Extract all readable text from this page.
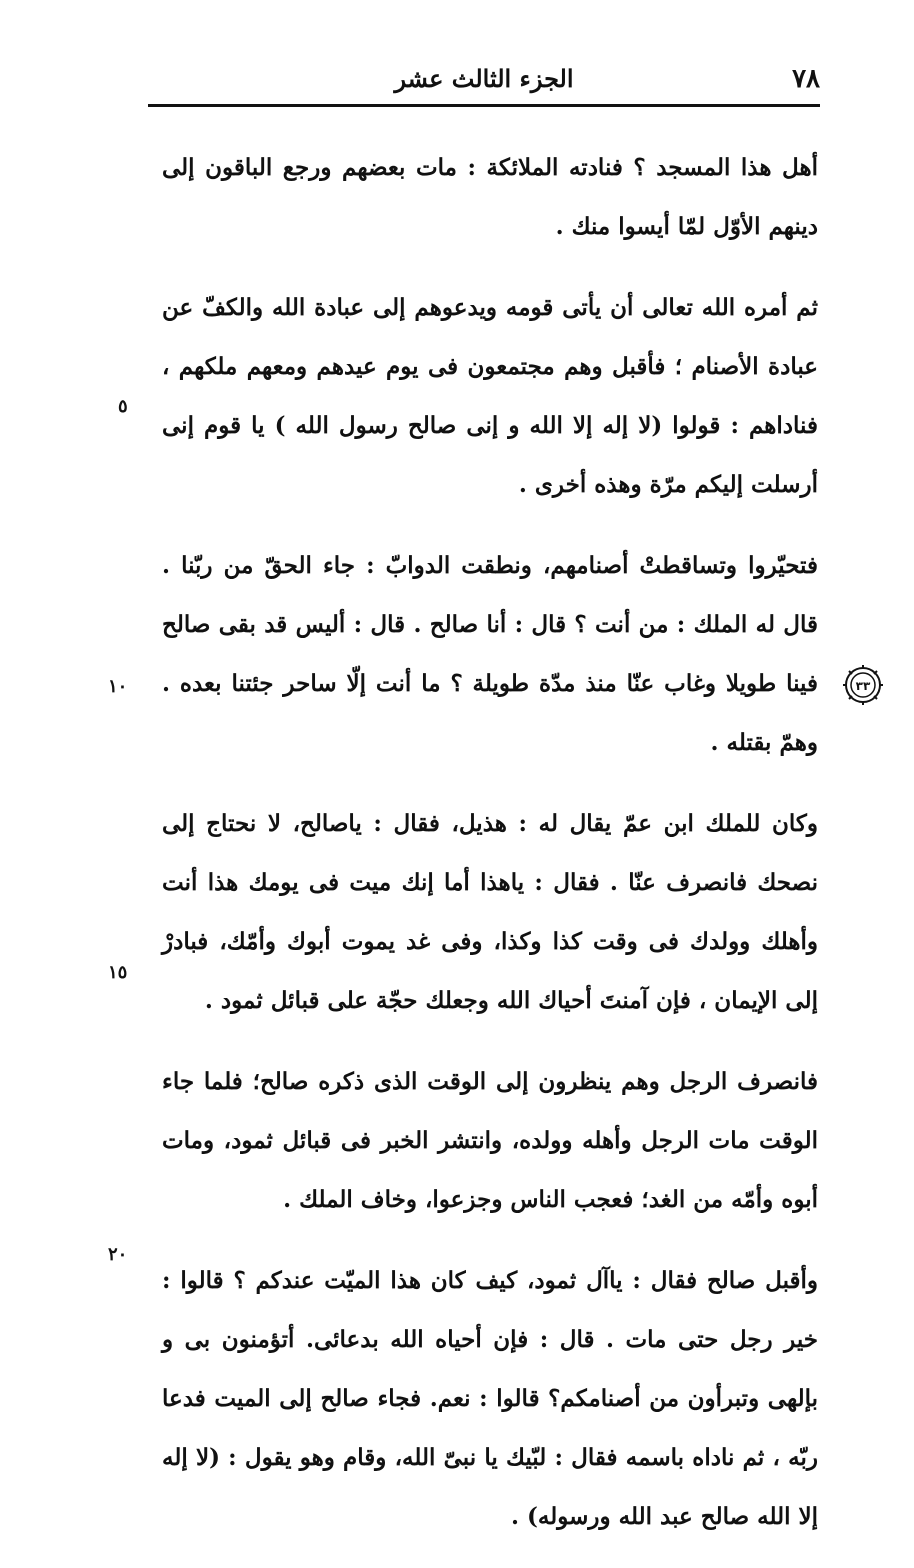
٧٨
الجزء الثالث عشر

أهل هذا المسجد ؟ فنادته الملائكة : مات بعضهم ورجع الباقون إلى دينهم الأوّل لمّا أيسوا منك .

ثم أمره الله تعالى أن يأتى قومه ويدعوهم إلى عبادة الله والكفّ عن عبادة الأصنام ؛ فأقبل وهم مجتمعون فى يوم عيدهم ومعهم ملكهم ، فناداهم : قولوا (لا إله إلا الله و إنى صالح رسول الله ) يا قوم إنى أرسلت إليكم مرّة وهذه أخرى .

فتحيّروا وتساقطتْ أصنامهم، ونطقت الدوابّ : جاء الحقّ من ربّنا . قال له الملك : من أنت ؟ قال : أنا صالح . قال : أليس قد بقى صالح فينا طويلا وغاب عنّا منذ مدّة طويلة ؟ ما أنت إلّا ساحر جئتنا بعده . وهمّ بقتله .

وكان للملك ابن عمّ يقال له : هذيل، فقال : ياصالح، لا نحتاج إلى نصحك فانصرف عنّا . فقال : ياهذا أما إنك ميت فى يومك هذا أنت وأهلك وولدك فى وقت كذا وكذا، وفى غد يموت أبوك وأمّك، فبادرْ إلى الإيمان ، فإن آمنتَ أحياك الله وجعلك حجّة على قبائل ثمود .

فانصرف الرجل وهم ينظرون إلى الوقت الذى ذكره صالح؛ فلما جاء الوقت مات الرجل وأهله وولده، وانتشر الخبر فى قبائل ثمود، ومات أبوه وأمّه من الغد؛ فعجب الناس وجزعوا، وخاف الملك .

وأقبل صالح فقال : ياآل ثمود، كيف كان هذا الميّت عندكم ؟ قالوا : خير رجل حتى مات . قال : فإن أحياه الله بدعائى. أتؤمنون بى و بإلهى وتبرأون من أصنامكم؟ قالوا : نعم. فجاء صالح إلى الميت فدعا ربّه ، ثم ناداه باسمه فقال : لبّيك يا نبىّ الله، وقام وهو يقول : (لا إله إلا الله صالح عبد الله ورسوله) .

٥
١٠
١٥
٢٠
٣٣
